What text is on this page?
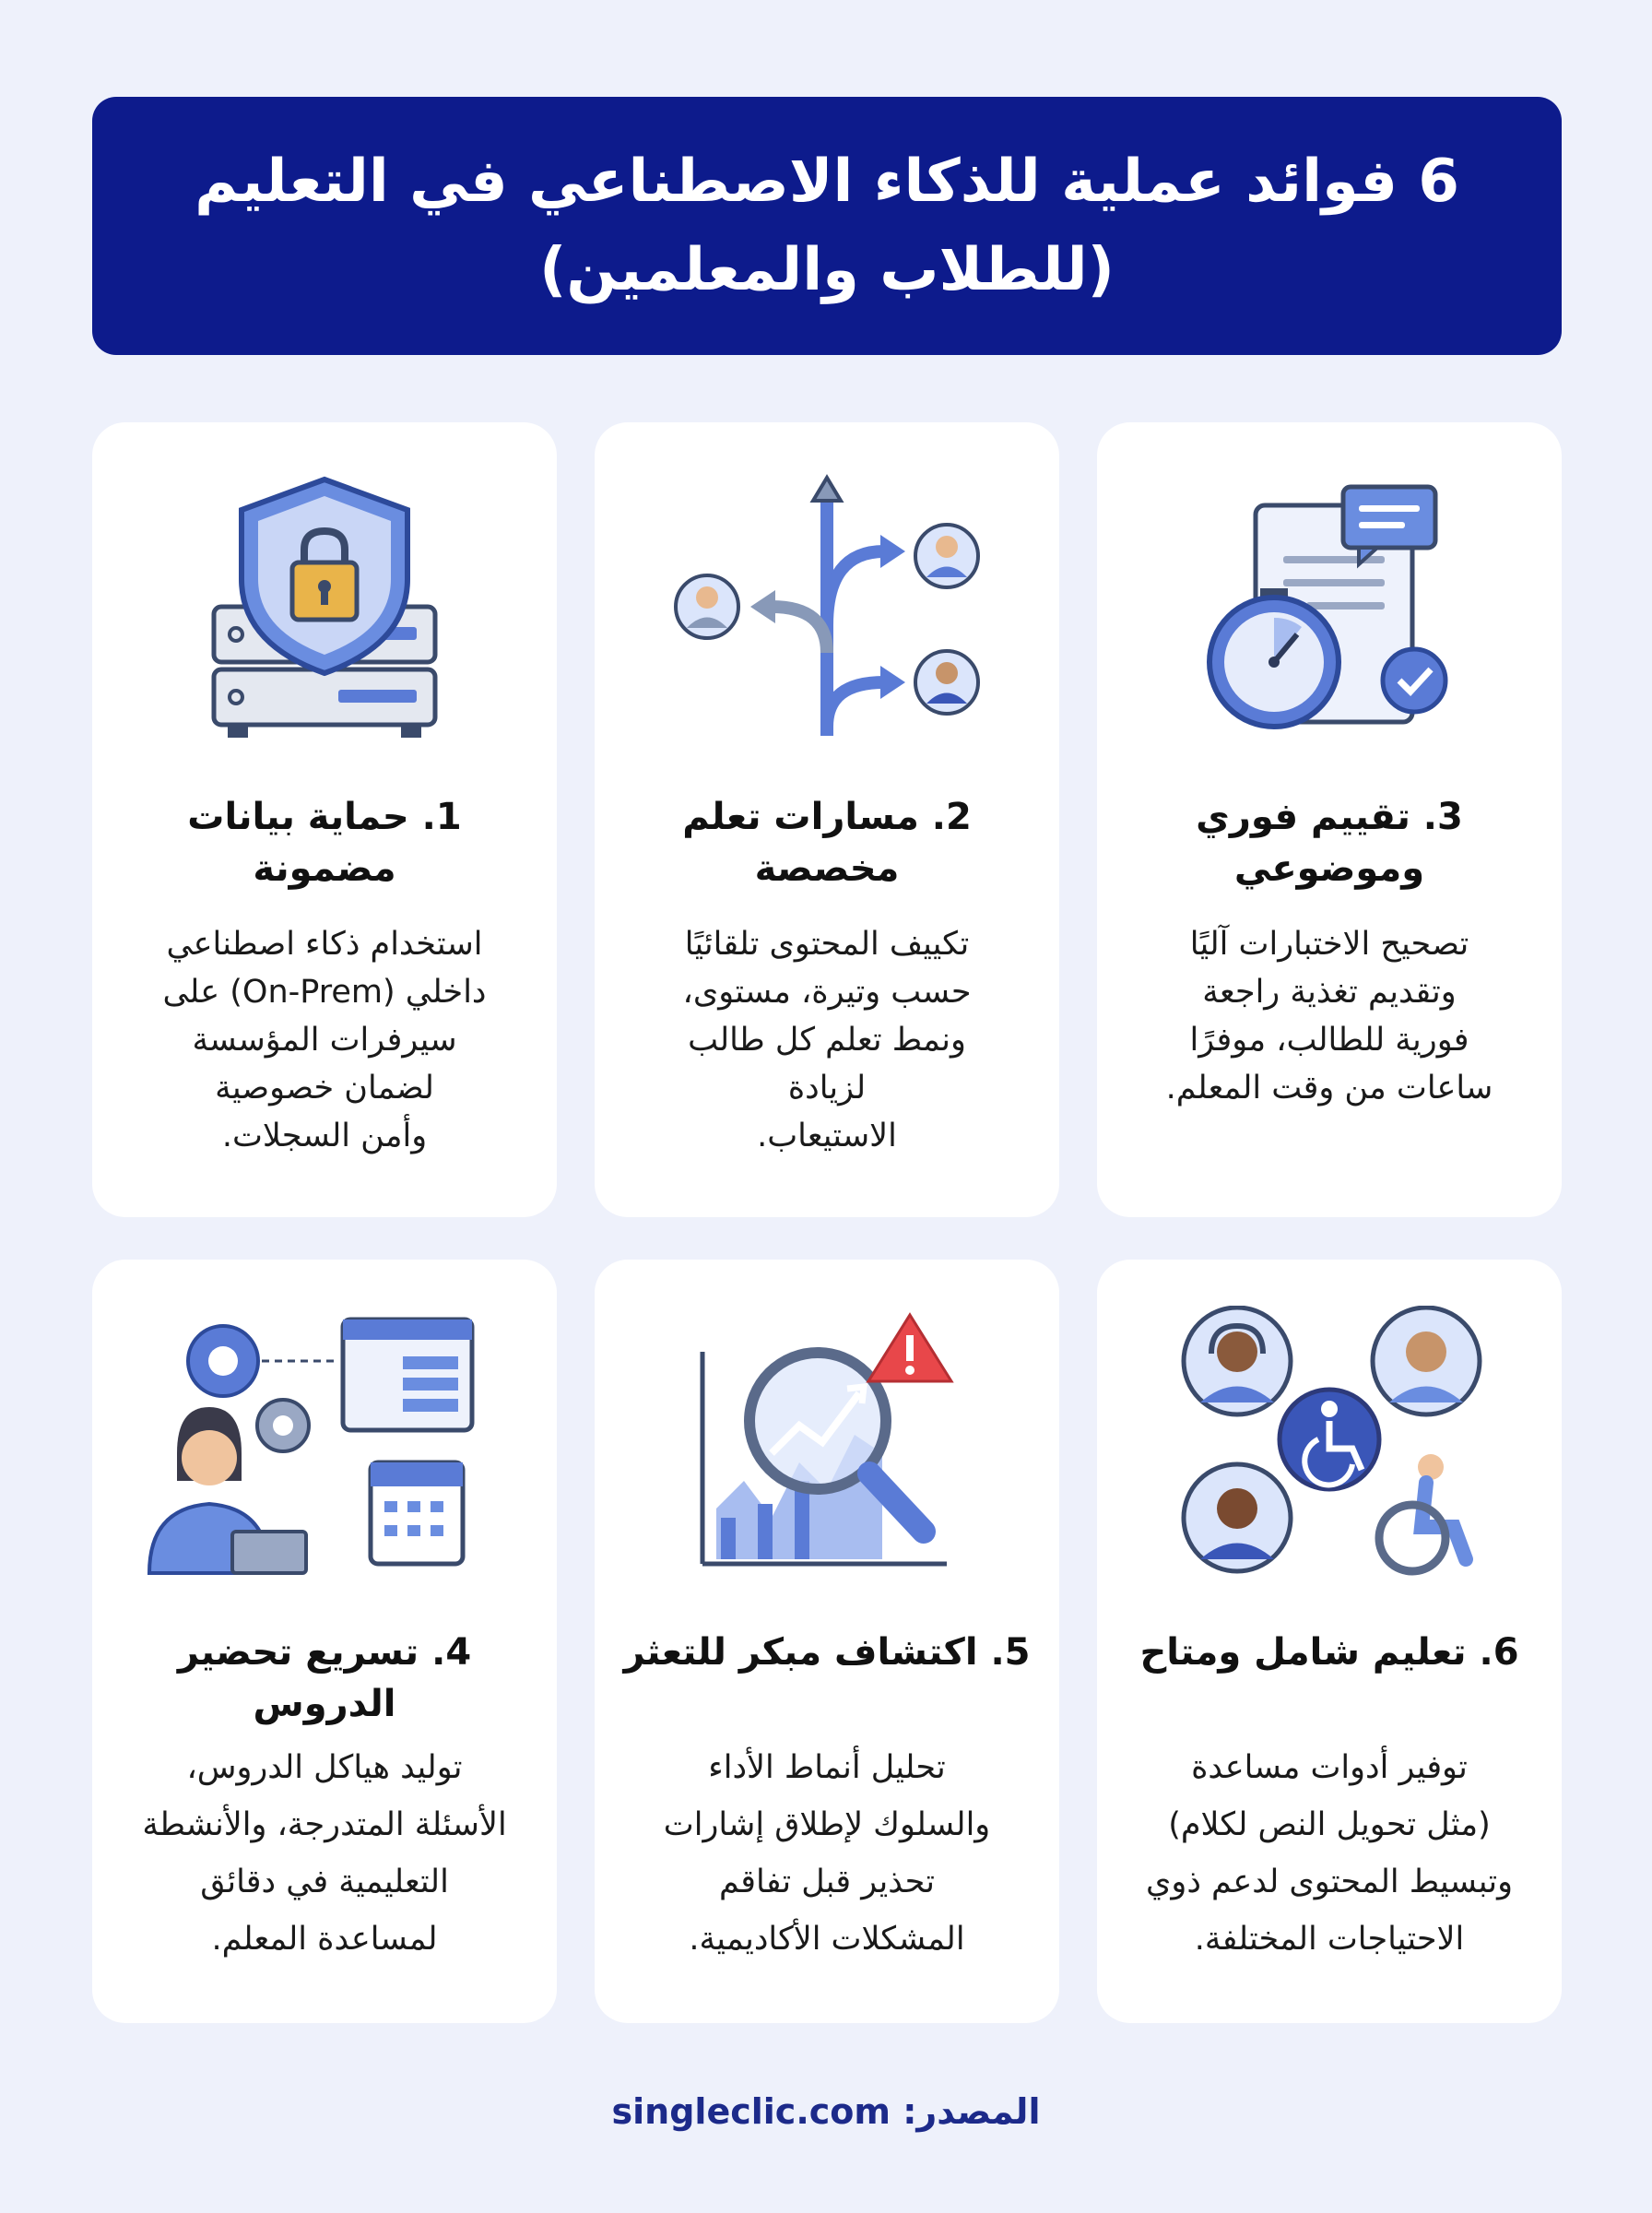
6 فوائد عملية للذكاء الاصطناعي في التعليم
(للطلاب والمعلمين)
1. حماية بيانات مضمونة
استخدام ذكاء اصطناعي
داخلي (On-Prem) على
سيرفرات المؤسسة
لضمان خصوصية
وأمن السجلات.
2. مسارات تعلم
مخصصة
تكييف المحتوى تلقائيًا
حسب وتيرة، مستوى،
ونمط تعلم كل طالب
لزيادة
الاستيعاب.
3. تقييم فوري
وموضوعي
تصحيح الاختبارات آليًا
وتقديم تغذية راجعة
فورية للطالب، موفرًا
ساعات من وقت المعلم.
4. تسريع تحضير الدروس
توليد هياكل الدروس،
الأسئلة المتدرجة، والأنشطة
التعليمية في دقائق
لمساعدة المعلم.
5. اكتشاف مبكر للتعثر
تحليل أنماط الأداء
والسلوك لإطلاق إشارات
تحذير قبل تفاقم
المشكلات الأكاديمية.
6. تعليم شامل ومتاح
توفير أدوات مساعدة
(مثل تحويل النص لكلام)
وتبسيط المحتوى لدعم ذوي
الاحتياجات المختلفة.
المصدر: singleclic.com
